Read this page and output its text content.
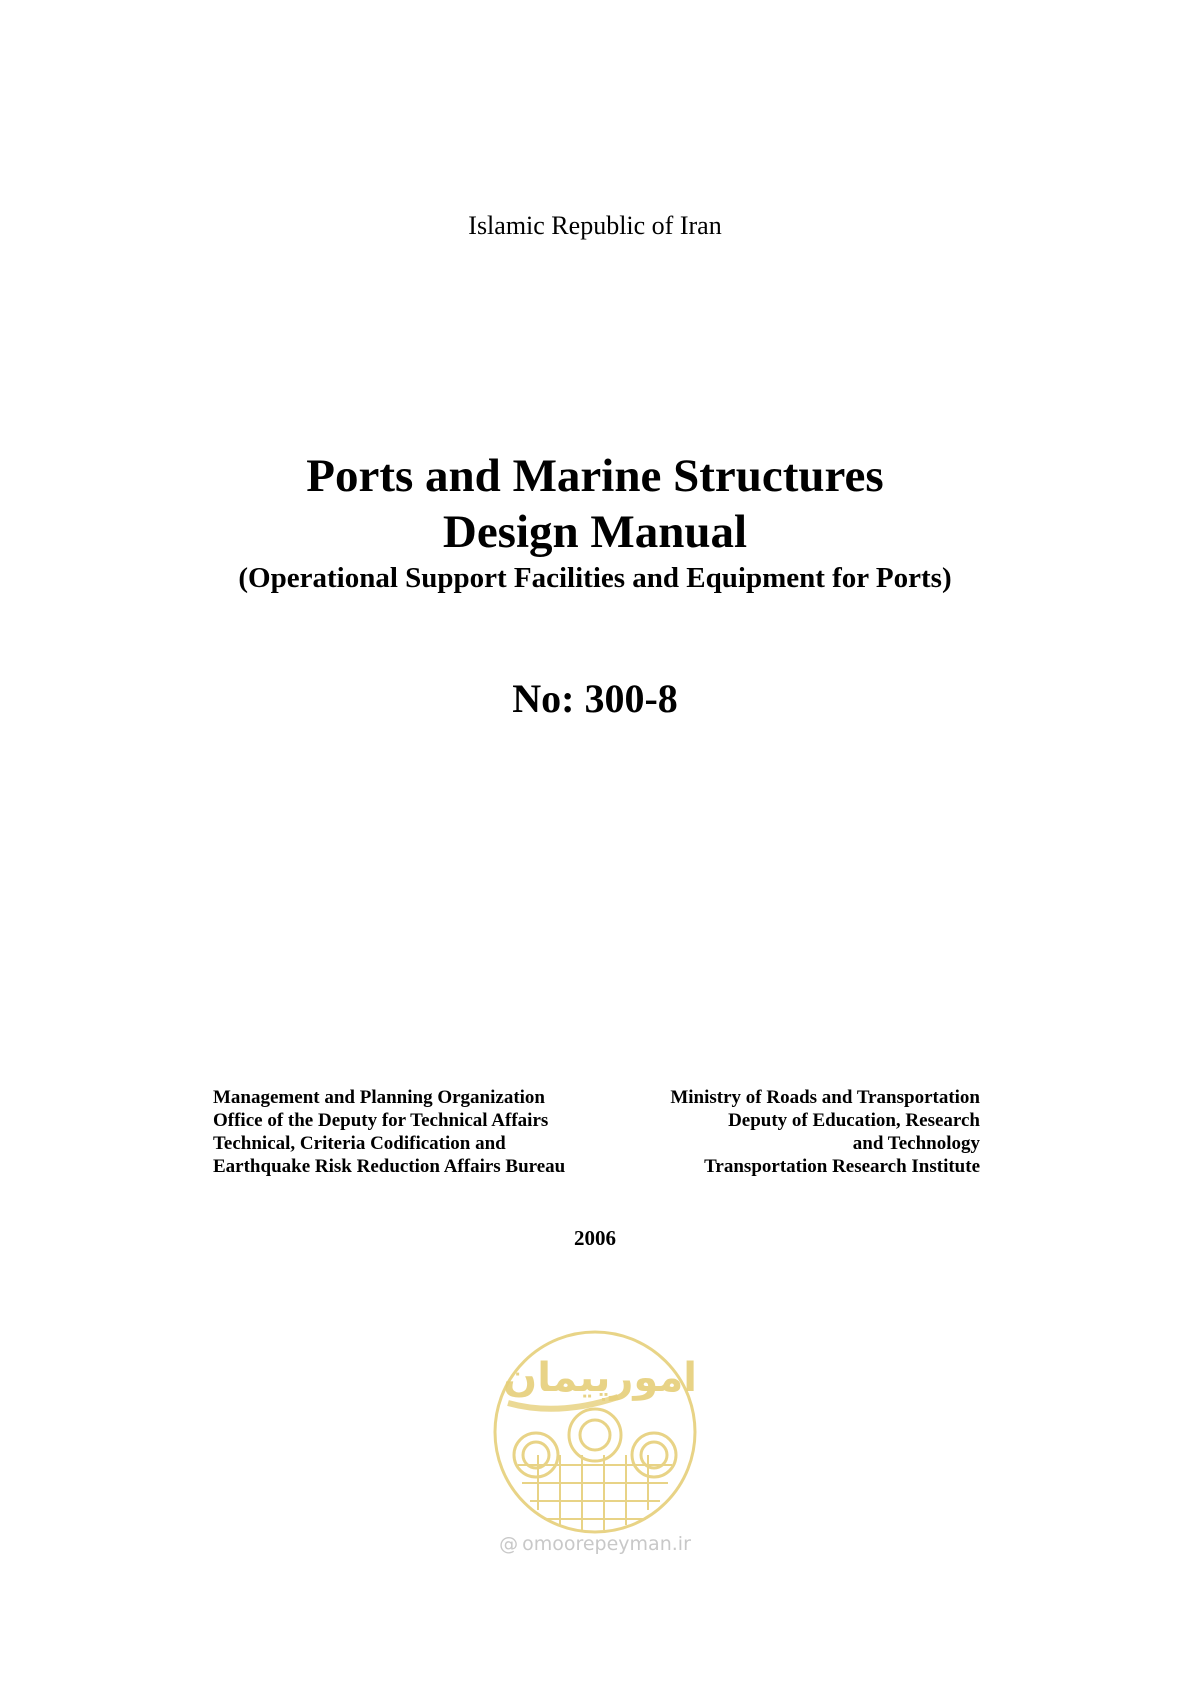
Islamic Republic of Iran
Ports and Marine Structures
Design Manual
(Operational Support Facilities and Equipment for Ports)
No: 300-8
Management and Planning Organization
Office of the Deputy for Technical Affairs
Technical, Criteria Codification and
Earthquake Risk Reduction Affairs Bureau
Ministry of Roads and Transportation
Deputy of Education, Research
and Technology
Transportation Research Institute
2006
امورپیمان
@ omoorepeyman.ir
